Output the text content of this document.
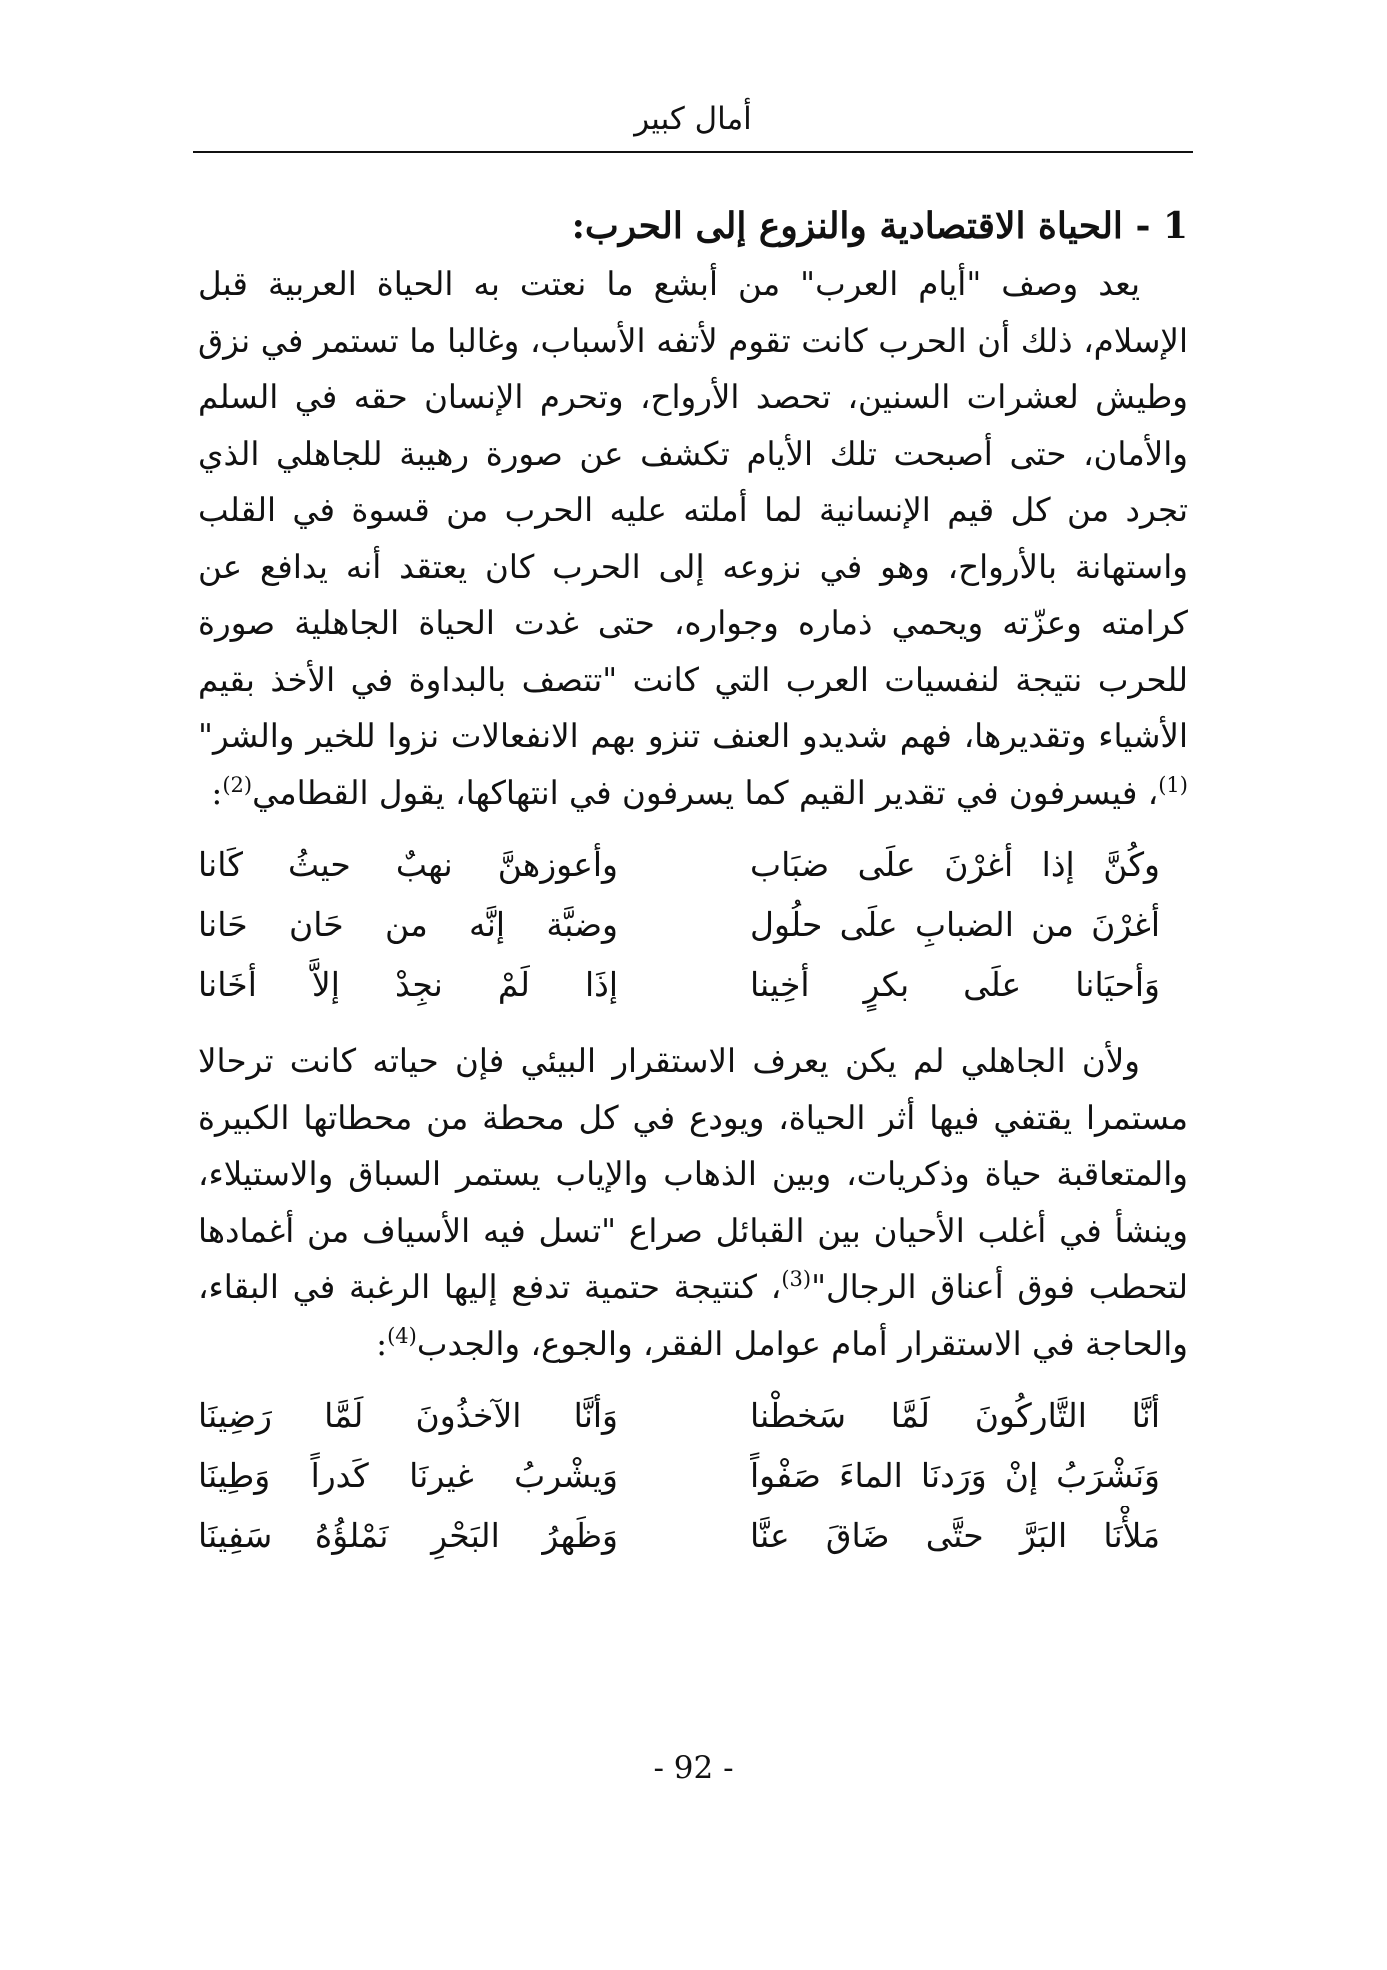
أمال كبير
1 - الحياة الاقتصادية والنزوع إلى الحرب:

يعد وصف "أيام العرب" من أبشع ما نعتت به الحياة العربية قبل الإسلام، ذلك أن الحرب كانت تقوم لأتفه الأسباب، وغالبا ما تستمر في نزق وطيش لعشرات السنين، تحصد الأرواح، وتحرم الإنسان حقه في السلم والأمان، حتى أصبحت تلك الأيام تكشف عن صورة رهيبة للجاهلي الذي تجرد من كل قيم الإنسانية لما أملته عليه الحرب من قسوة في القلب واستهانة بالأرواح، وهو في نزوعه إلى الحرب كان يعتقد أنه يدافع عن كرامته وعزّته ويحمي ذماره وجواره، حتى غدت الحياة الجاهلية صورة للحرب نتيجة لنفسيات العرب التي كانت "تتصف بالبداوة في الأخذ بقيم الأشياء وتقديرها، فهم شديدو العنف تنزو بهم الانفعالات نزوا للخير والشر"$^{(1)}$، فيسرفون في تقدير القيم كما يسرفون في انتهاكها، يقول القطامي$^{(2)}$:

وكُنَّ إذا أغرْنَ علَى ضبَاب
وأعوزهنَّ نهبٌ حيثُ كَانا
أغرْنَ من الضبابِ علَى حلُول
وضبَّة إنَّه من حَان حَانا
وَأحيَانا علَى بكرٍ أخِينا
إذَا لَمْ نجِدْ إلاَّ أخَانا

ولأن الجاهلي لم يكن يعرف الاستقرار البيئي فإن حياته كانت ترحالا مستمرا يقتفي فيها أثر الحياة، ويودع في كل محطة من محطاتها الكبيرة والمتعاقبة حياة وذكريات، وبين الذهاب والإياب يستمر السباق والاستيلاء، وينشأ في أغلب الأحيان بين القبائل صراع "تسل فيه الأسياف من أغمادها لتحطب فوق أعناق الرجال"$^{(3)}$، كنتيجة حتمية تدفع إليها الرغبة في البقاء، والحاجة في الاستقرار أمام عوامل الفقر، والجوع، والجدب$^{(4)}$:

أنَّا التَّاركُونَ لَمَّا سَخطْنا
وَأنَّا الآخذُونَ لَمَّا رَضِينَا
وَنَشْرَبُ إنْ وَرَدنَا الماءَ صَفْواً
وَيشْربُ غيرنَا كَدراً وَطِينَا
مَلأْنَا البَرَّ حتَّى ضَاقَ عنَّا
وَظَهرُ البَحْرِ نَمْلؤُهُ سَفِينَا
- 92 -
